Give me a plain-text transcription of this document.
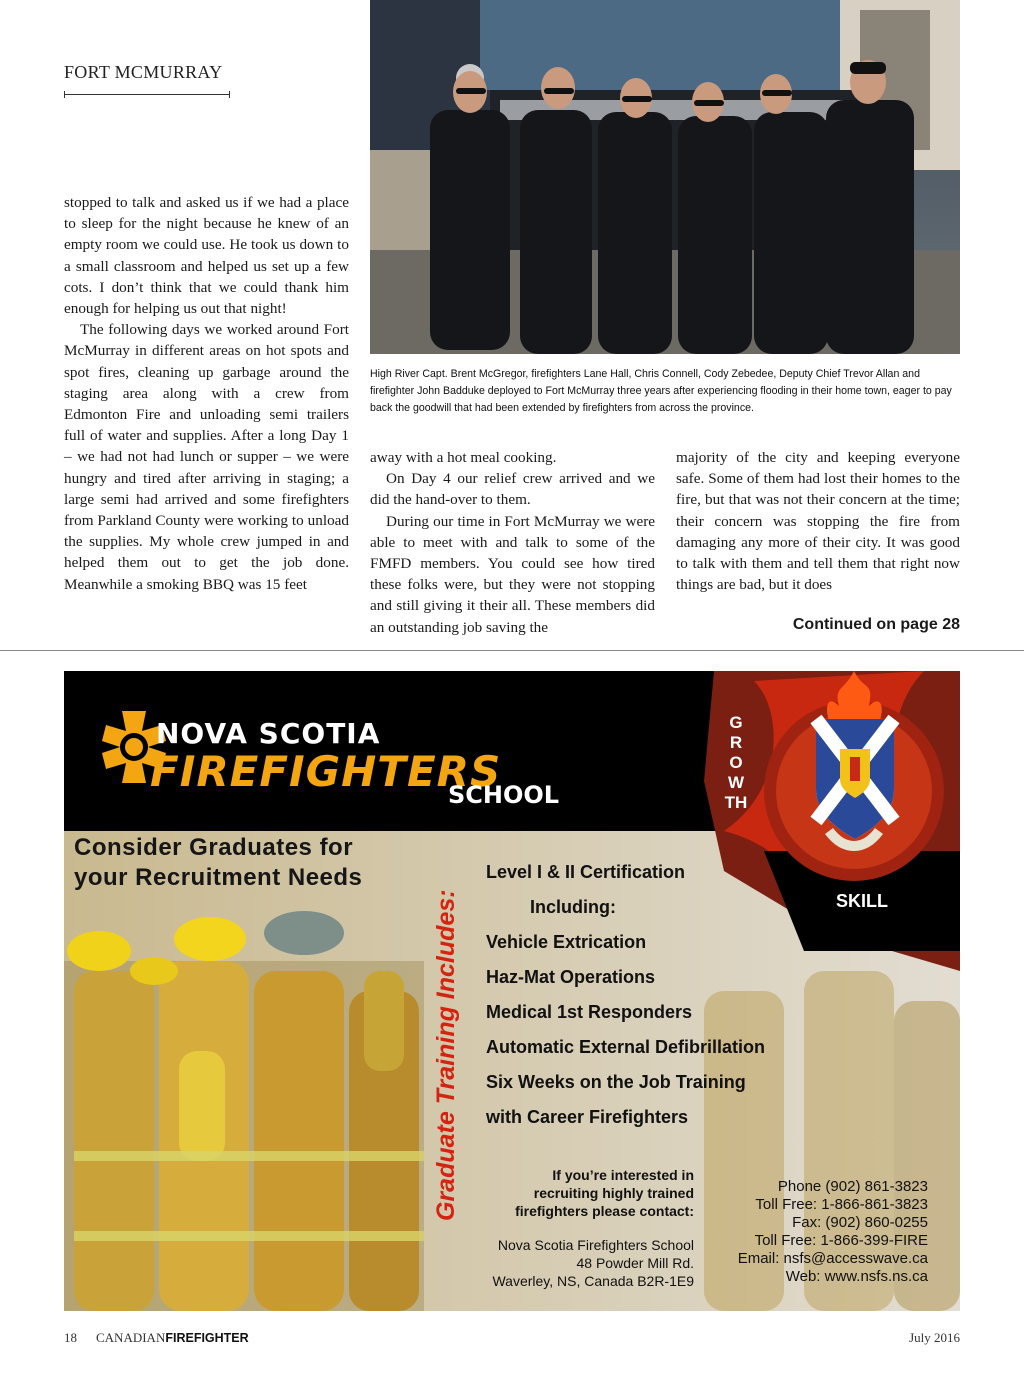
FORT MCMURRAY
High River Capt. Brent McGregor, firefighters Lane Hall, Chris Connell, Cody Zebedee, Deputy Chief Trevor Allan and firefighter John Badduke deployed to Fort McMurray three years after experiencing flooding in their home town, eager to pay back the goodwill that had been extended by firefighters from across the province.

stopped to talk and asked us if we had a place to sleep for the night because he knew of an empty room we could use. He took us down to a small classroom and helped us set up a few cots. I don’t think that we could thank him enough for helping us out that night!

The following days we worked around Fort McMurray in different areas on hot spots and spot fires, cleaning up garbage around the staging area along with a crew from Edmonton Fire and unloading semi trailers full of water and supplies. After a long Day 1 – we had not had lunch or supper – we were hungry and tired after arriving in staging; a large semi had arrived and some firefighters from Parkland County were working to unload the supplies. My whole crew jumped in and helped them out to get the job done. Meanwhile a smoking BBQ was 15 feet

away with a hot meal cooking.

On Day 4 our relief crew arrived and we did the hand-over to them.

During our time in Fort McMurray we were able to meet with and talk to some of the FMFD members. You could see how tired these folks were, but they were not stopping and still giving it their all. These members did an outstanding job saving the

majority of the city and keeping everyone safe. Some of them had lost their homes to the fire, but that was not their concern at the time; their concern was stopping the fire from damaging any more of their city. It was good to talk with them and tell them that right now things are bad, but it does

Continued on page 28
NOVA SCOTIA
FIREFIGHTERS
SCHOOL
Consider Graduates for
your Recruitment Needs
GROWTH
SKILL
Graduate Training Includes:
Level I & II Certification
Including:
Vehicle Extrication
Haz-Mat Operations
Medical 1st Responders
Automatic External Defibrillation
Six Weeks on the Job Training
with Career Firefighters
If you’re interested in
recruiting highly trained
firefighters please contact:
Nova Scotia Firefighters School
48 Powder Mill Rd.
Waverley, NS, Canada B2R-1E9
Phone (902) 861-3823
Toll Free: 1-866-861-3823
Fax: (902) 860-0255
Toll Free: 1-866-399-FIRE
Email: nsfs@accesswave.ca
Web: www.nsfs.ns.ca
18 CANADIANFIREFIGHTER	July 2016
